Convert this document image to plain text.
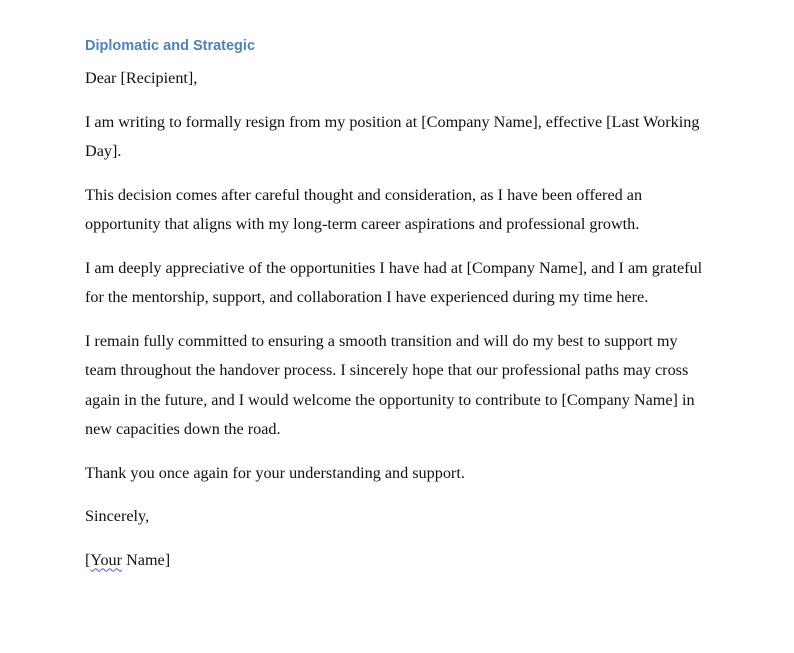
Diplomatic and Strategic

Dear [Recipient],

I am writing to formally resign from my position at [Company Name], effective [Last Working Day].

This decision comes after careful thought and consideration, as I have been offered an opportunity that aligns with my long-term career aspirations and professional growth.

I am deeply appreciative of the opportunities I have had at [Company Name], and I am grateful for the mentorship, support, and collaboration I have experienced during my time here.

I remain fully committed to ensuring a smooth transition and will do my best to support my team throughout the handover process. I sincerely hope that our professional paths may cross again in the future, and I would welcome the opportunity to contribute to [Company Name] in new capacities down the road.

Thank you once again for your understanding and support.

Sincerely,

[Your Name]
